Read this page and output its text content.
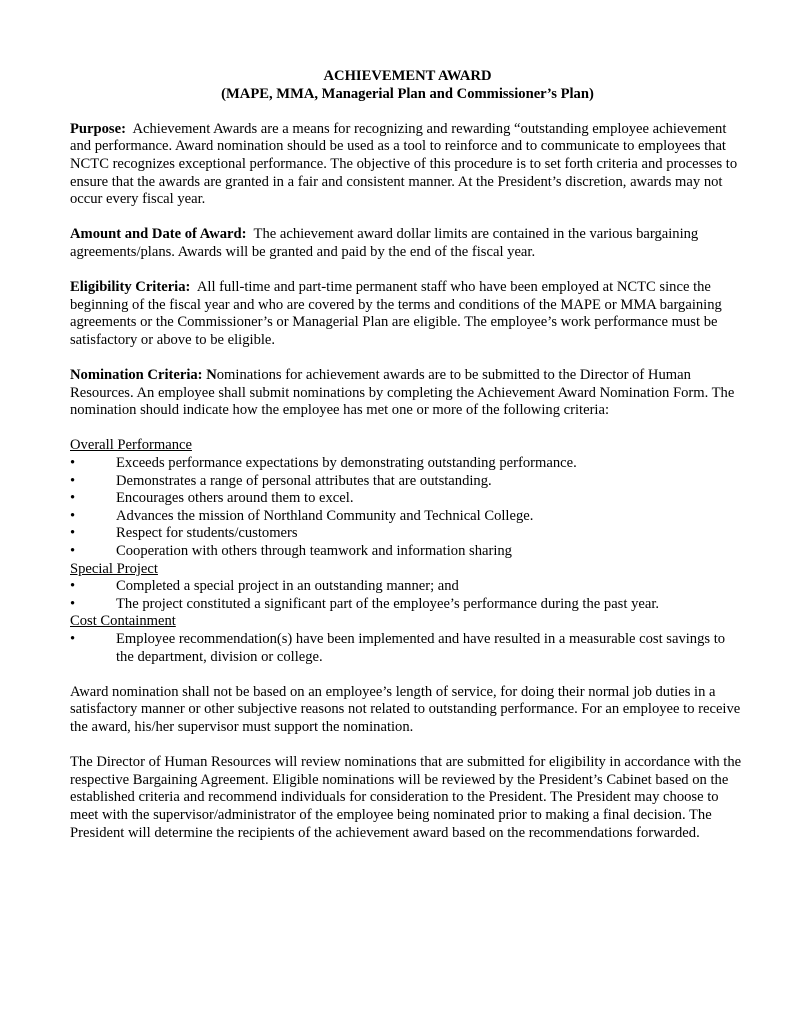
ACHIEVEMENT AWARD

(MAPE, MMA, Managerial Plan and Commissioner’s Plan)

Purpose: Achievement Awards are a means for recognizing and rewarding “outstanding employee achievement and performance. Award nomination should be used as a tool to reinforce and to communicate to employees that NCTC recognizes exceptional performance. The objective of this procedure is to set forth criteria and processes to ensure that the awards are granted in a fair and consistent manner. At the President’s discretion, awards may not occur every fiscal year.
Amount and Date of Award: The achievement award dollar limits are contained in the various bargaining agreements/plans. Awards will be granted and paid by the end of the fiscal year.
Eligibility Criteria: All full-time and part-time permanent staff who have been employed at NCTC since the beginning of the fiscal year and who are covered by the terms and conditions of the MAPE or MMA bargaining agreements or the Commissioner’s or Managerial Plan are eligible. The employee’s work performance must be satisfactory or above to be eligible.
Nomination Criteria: Nominations for achievement awards are to be submitted to the Director of Human Resources. An employee shall submit nominations by completing the Achievement Award Nomination Form. The nomination should indicate how the employee has met one or more of the following criteria:
Overall Performance
•	Exceeds performance expectations by demonstrating outstanding performance.
•	Demonstrates a range of personal attributes that are outstanding.
•	Encourages others around them to excel.
•	Advances the mission of Northland Community and Technical College.
•	Respect for students/customers
•	Cooperation with others through teamwork and information sharing
Special Project
•	Completed a special project in an outstanding manner; and
•	The project constituted a significant part of the employee’s performance during the past year.
Cost Containment
•	Employee recommendation(s) have been implemented and have resulted in a measurable cost savings to the department, division or college.
Award nomination shall not be based on an employee’s length of service, for doing their normal job duties in a satisfactory manner or other subjective reasons not related to outstanding performance. For an employee to receive the award, his/her supervisor must support the nomination.
The Director of Human Resources will review nominations that are submitted for eligibility in accordance with the respective Bargaining Agreement. Eligible nominations will be reviewed by the President’s Cabinet based on the established criteria and recommend individuals for consideration to the President. The President may choose to meet with the supervisor/administrator of the employee being nominated prior to making a final decision. The President will determine the recipients of the achievement award based on the recommendations forwarded.
